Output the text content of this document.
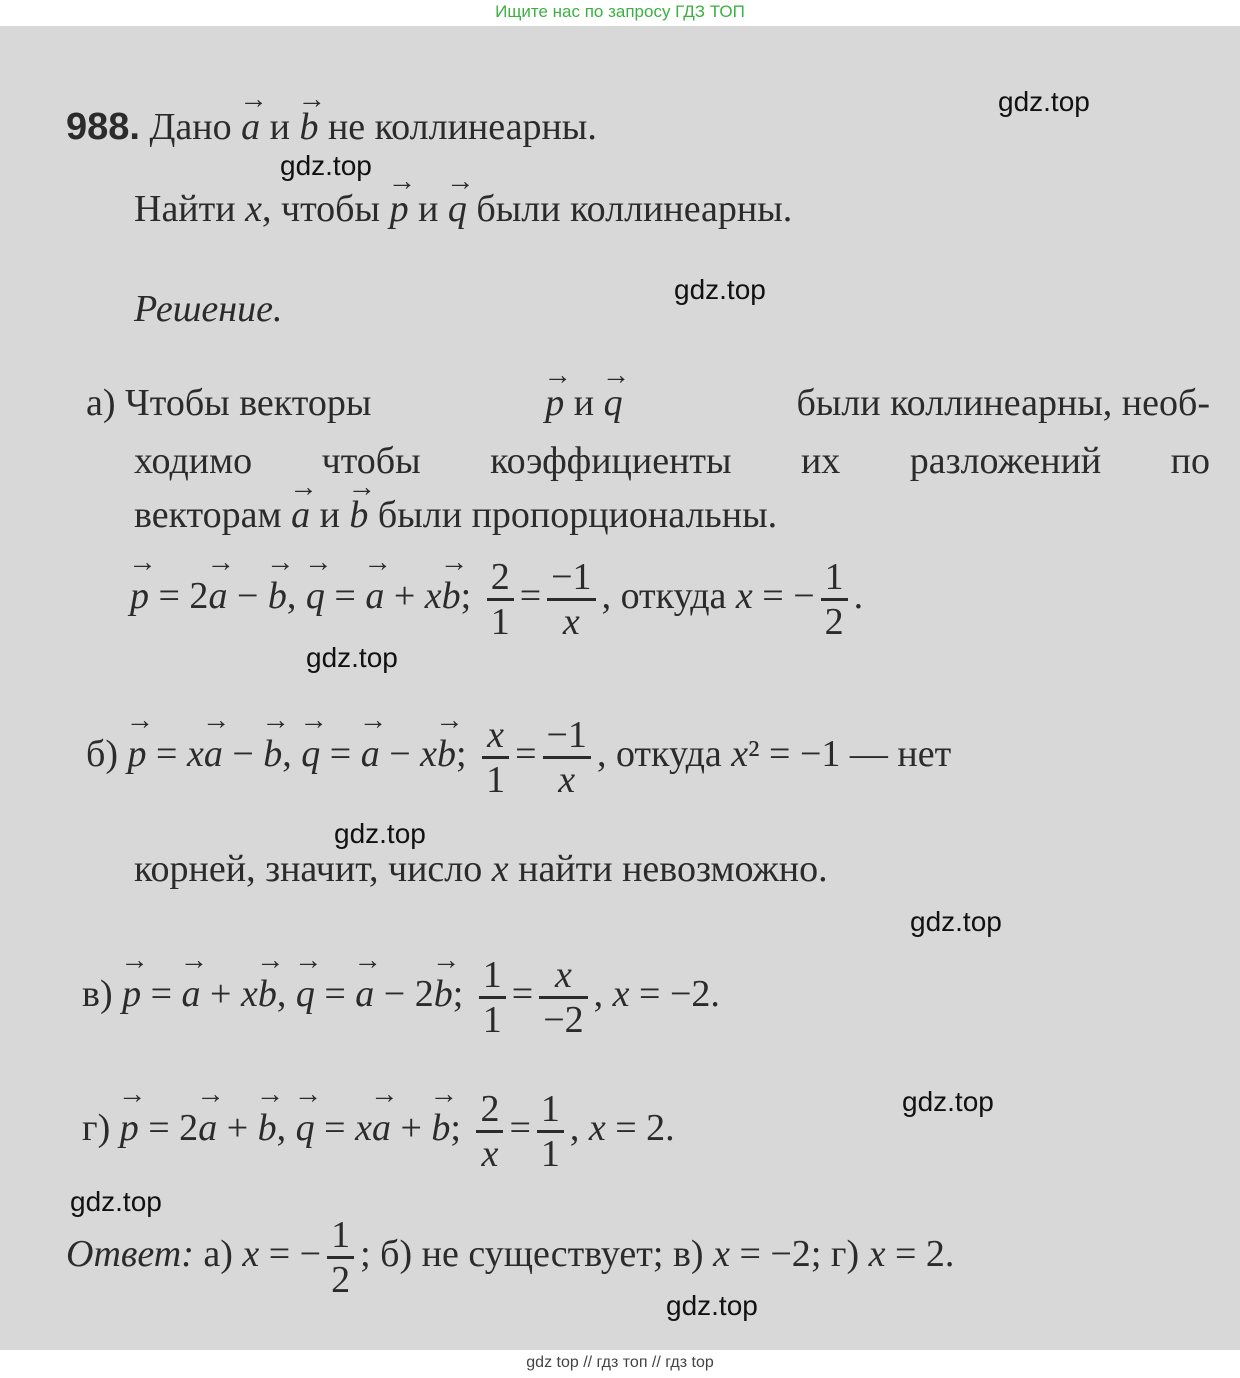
Ищите нас по запросу ГДЗ ТОП
988. Дано → a и → b не коллинеарны.
Найти x, чтобы → p и → q были коллинеарны.
Решение.
а) Чтобы векторы	→ p и → q	были коллинеарны, необ-
ходимо чтобы коэффициенты их разложений по
векторам → a и → b были пропорциональны.
→ p = 2→ a − → b, → q = → a + x→ b; $\frac{2}{1} = \frac{-1}{x}$ , откуда x = − $\frac{1}{2}$ .
б) → p = x→ a − → b, → q = → a − x→ b; $\frac{x}{1} = \frac{-1}{x}$ , откуда x² = −1 — нет
корней, значит, число x найти невозможно.
в) → p = → a + x→ b, → q = → a − 2→ b; $\frac{1}{1} = \frac{x}{-2}$ , x = −2.
г) → p = 2→ a + → b, → q = x→ a + → b; $\frac{2}{x} = \frac{1}{1}$ , x = 2.
Ответ: а) x = − $\frac{1}{2}$ ; б) не существует; в) x = −2; г) x = 2.
gdz.top
gdz.top
gdz.top
gdz.top
gdz.top
gdz.top
gdz.top
gdz.top
gdz.top
gdz top // гдз топ // гдз top
